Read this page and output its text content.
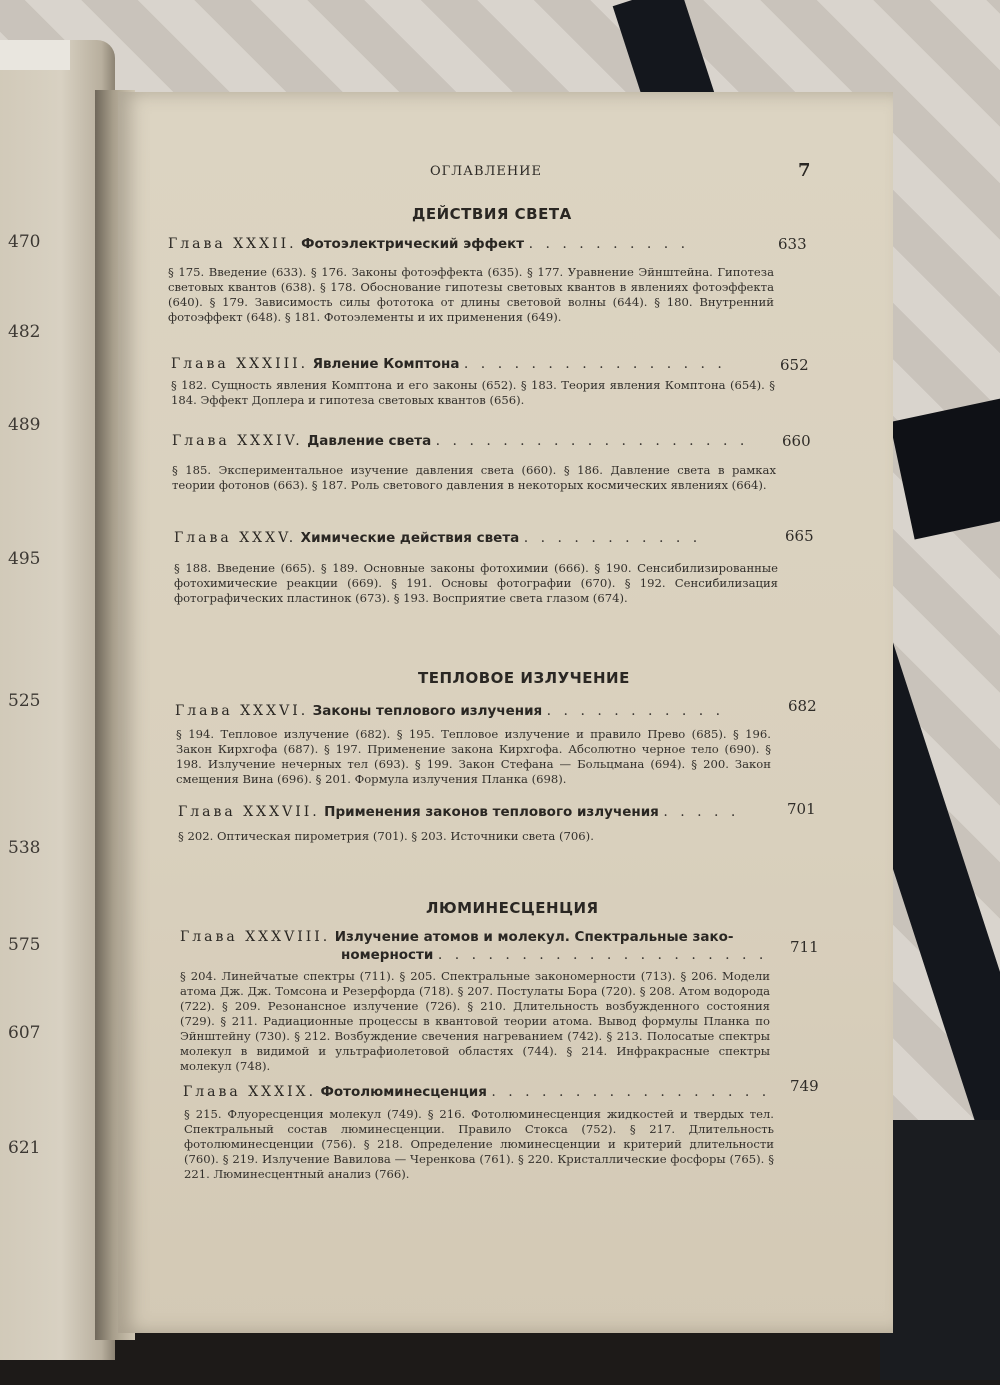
470
482
489
495
525
538
575
607
621
ОГЛАВЛЕНИЕ	7
ДЕЙСТВИЯ СВЕТА
Глава XXXII. Фотоэлектрический эффект . . . . . . . . . .	633
§ 175. Введение (633). § 176. Законы фотоэффекта (635). § 177. Уравнение Эйнштейна. Гипотеза световых квантов (638). § 178. Обоснование гипотезы световых квантов в явлениях фотоэффекта (640). § 179. Зависимость силы фототока от длины световой волны (644). § 180. Внутренний фотоэффект (648). § 181. Фотоэлементы и их применения (649).
Глава XXXIII. Явление Комптона . . . . . . . . . . . . . . . .	652
§ 182. Сущность явления Комптона и его законы (652). § 183. Теория явления Комптона (654). § 184. Эффект Доплера и гипотеза световых квантов (656).
Глава XXXIV. Давление света . . . . . . . . . . . . . . . . . . . 660
§ 185. Экспериментальное изучение давления света (660). § 186. Давление света в рамках теории фотонов (663). § 187. Роль светового давления в некоторых космических явлениях (664).
Глава XXXV. Химические действия света . . . . . . . . . . .	665
§ 188. Введение (665). § 189. Основные законы фотохимии (666). § 190. Сенсибилизированные фотохимические реакции (669). § 191. Основы фотографии (670). § 192. Сенсибилизация фотографических пластинок (673). § 193. Восприятие света глазом (674).
ТЕПЛОВОЕ ИЗЛУЧЕНИЕ
Глава XXXVI. Законы теплового излучения . . . . . . . . . . .	682
§ 194. Тепловое излучение (682). § 195. Тепловое излучение и правило Прево (685). § 196. Закон Кирхгофа (687). § 197. Применение закона Кирхгофа. Абсолютно черное тело (690). § 198. Излучение нечерных тел (693). § 199. Закон Стефана — Больцмана (694). § 200. Закон смещения Вина (696). § 201. Формула излучения Планка (698).
Глава XXXVII. Применения законов теплового излучения . . . . .	701
§ 202. Оптическая пирометрия (701). § 203. Источники света (706).
ЛЮМИНЕСЦЕНЦИЯ
Глава XXXVIII. Излучение атомов и молекул. Спектральные зако-
номерности . . . . . . . . . . . . . . . . . . . . 711
§ 204. Линейчатые спектры (711). § 205. Спектральные закономерности (713). § 206. Модели атома Дж. Дж. Томсона и Резерфорда (718). § 207. Постулаты Бора (720). § 208. Атом водорода (722). § 209. Резонансное излучение (726). § 210. Длительность возбужденного состояния (729). § 211. Радиационные процессы в квантовой теории атома. Вывод формулы Планка по Эйнштейну (730). § 212. Возбуждение свечения нагреванием (742). § 213. Полосатые спектры молекул в видимой и ультрафиолетовой областях (744). § 214. Инфракрасные спектры молекул (748).
Глава XXXIX. Фотолюминесценция . . . . . . . . . . . . . . . . . 749
§ 215. Флуоресценция молекул (749). § 216. Фотолюминесценция жидкостей и твердых тел. Спектральный состав люминесценции. Правило Стокса (752). § 217. Длительность фотолюминесценции (756). § 218. Определение люминесценции и критерий длительности (760). § 219. Излучение Вавилова — Черенкова (761). § 220. Кристаллические фосфоры (765). § 221. Люминесцентный анализ (766).
